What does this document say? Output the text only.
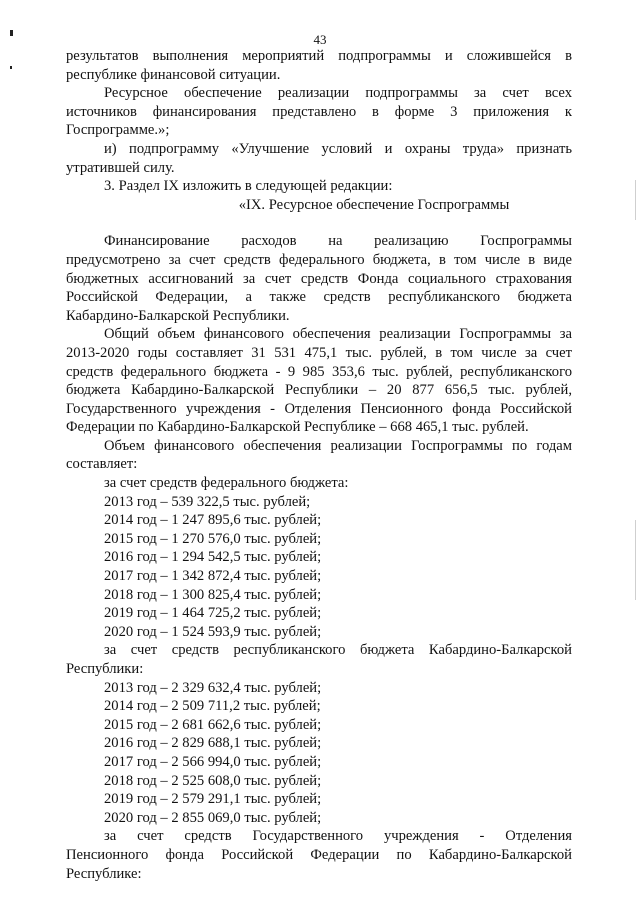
43

результатов выполнения мероприятий подпрограммы и сложившейся в

республике финансовой ситуации.

Ресурсное обеспечение реализации подпрограммы за счет всех

источников финансирования представлено в форме 3 приложения к

Госпрограмме.»;

и) подпрограмму «Улучшение условий и охраны труда» признать

утратившей силу.

3. Раздел IX изложить в следующей редакции:

«IX. Ресурсное обеспечение Госпрограммы

Финансирование расходов на реализацию Госпрограммы

предусмотрено за счет средств федерального бюджета, в том числе в виде

бюджетных ассигнований за счет средств Фонда социального страхования

Российской Федерации, а также средств республиканского бюджета

Кабардино-Балкарской Республики.

Общий объем финансового обеспечения реализации Госпрограммы за

2013-2020 годы составляет 31 531 475,1 тыс. рублей, в том числе за счет

средств федерального бюджета - 9 985 353,6 тыс. рублей, республиканского

бюджета Кабардино-Балкарской Республики – 20 877 656,5 тыс. рублей,

Государственного учреждения - Отделения Пенсионного фонда Российской

Федерации по Кабардино-Балкарской Республике – 668 465,1 тыс. рублей.

Объем финансового обеспечения реализации Госпрограммы по годам

составляет:

за счет средств федерального бюджета:

2013 год – 539 322,5 тыс. рублей;

2014 год – 1 247 895,6 тыс. рублей;

2015 год – 1 270 576,0 тыс. рублей;

2016 год – 1 294 542,5 тыс. рублей;

2017 год – 1 342 872,4 тыс. рублей;

2018 год – 1 300 825,4 тыс. рублей;

2019 год – 1 464 725,2 тыс. рублей;

2020 год – 1 524 593,9 тыс. рублей;

за счет средств республиканского бюджета Кабардино-Балкарской

Республики:

2013 год – 2 329 632,4 тыс. рублей;

2014 год – 2 509 711,2 тыс. рублей;

2015 год – 2 681 662,6 тыс. рублей;

2016 год – 2 829 688,1 тыс. рублей;

2017 год – 2 566 994,0 тыс. рублей;

2018 год – 2 525 608,0 тыс. рублей;

2019 год – 2 579 291,1 тыс. рублей;

2020 год – 2 855 069,0 тыс. рублей;

за счет средств Государственного учреждения - Отделения

Пенсионного фонда Российской Федерации по Кабардино-Балкарской

Республике:
